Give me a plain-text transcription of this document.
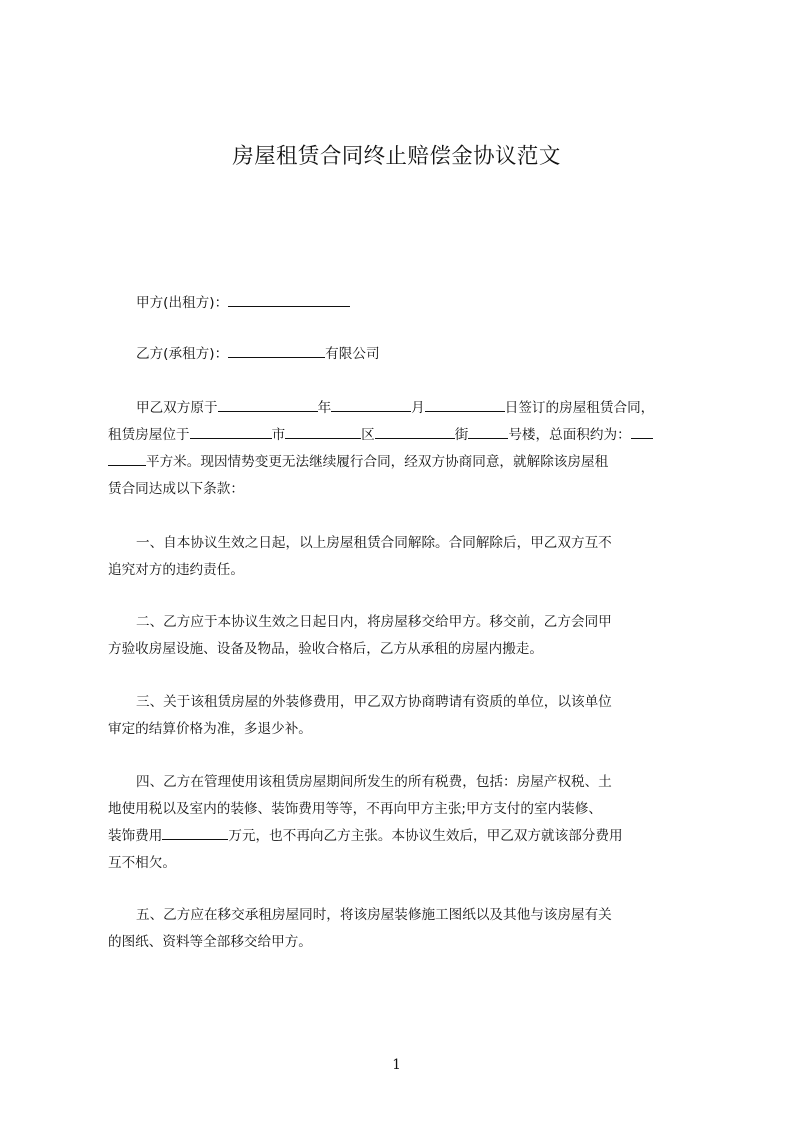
房屋租赁合同终止赔偿金协议范文
甲方(出租方)：
乙方(承租方)：	有限公司
甲乙双方原于	年	月	日签订的房屋租赁合同，
租赁房屋位于	市	区	街	号楼，总面积约为：
平方米。现因情势变更无法继续履行合同，经双方协商同意，就解除该房屋租
赁合同达成以下条款：
一、自本协议生效之日起，以上房屋租赁合同解除。合同解除后，甲乙双方互不
追究对方的违约责任。
二、乙方应于本协议生效之日起日内，将房屋移交给甲方。移交前，乙方会同甲
方验收房屋设施、设备及物品，验收合格后，乙方从承租的房屋内搬走。
三、关于该租赁房屋的外装修费用，甲乙双方协商聘请有资质的单位，以该单位
审定的结算价格为准，多退少补。
四、乙方在管理使用该租赁房屋期间所发生的所有税费，包括：房屋产权税、土
地使用税以及室内的装修、装饰费用等等，不再向甲方主张;甲方支付的室内装修、
装饰费用	万元，也不再向乙方主张。本协议生效后，甲乙双方就该部分费用
互不相欠。
五、乙方应在移交承租房屋同时，将该房屋装修施工图纸以及其他与该房屋有关
的图纸、资料等全部移交给甲方。
1
